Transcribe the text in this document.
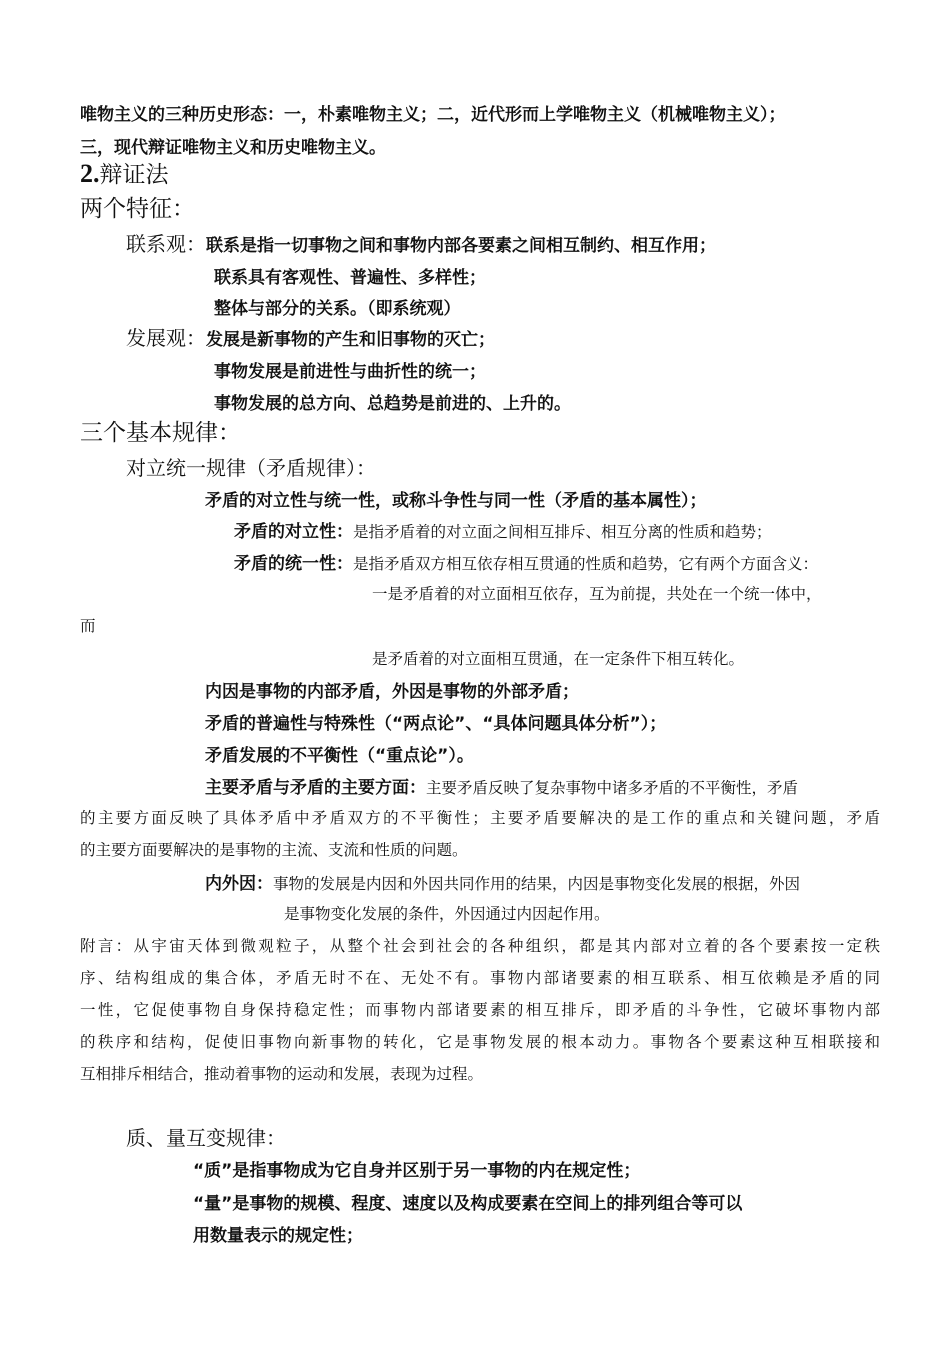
唯物主义的三种历史形态：一，朴素唯物主义；二，近代形而上学唯物主义（机械唯物主义）；
三，现代辩证唯物主义和历史唯物主义。
2.辩证法
两个特征：
联系观：联系是指一切事物之间和事物内部各要素之间相互制约、相互作用；
联系具有客观性、普遍性、多样性；
整体与部分的关系。（即系统观）
发展观：发展是新事物的产生和旧事物的灭亡；
事物发展是前进性与曲折性的统一；
事物发展的总方向、总趋势是前进的、上升的。
三个基本规律：
对立统一规律（矛盾规律）：
矛盾的对立性与统一性，或称斗争性与同一性（矛盾的基本属性）；
矛盾的对立性：是指矛盾着的对立面之间相互排斥、相互分离的性质和趋势；
矛盾的统一性：是指矛盾双方相互依存相互贯通的性质和趋势，它有两个方面含义：
一是矛盾着的对立面相互依存，互为前提，共处在一个统一体中，
而
是矛盾着的对立面相互贯通，在一定条件下相互转化。
内因是事物的内部矛盾，外因是事物的外部矛盾；
矛盾的普遍性与特殊性（“两点论”、“具体问题具体分析”）；
矛盾发展的不平衡性（“重点论”）。
主要矛盾与矛盾的主要方面：主要矛盾反映了复杂事物中诸多矛盾的不平衡性，矛盾
的主要方面反映了具体矛盾中矛盾双方的不平衡性；主要矛盾要解决的是工作的重点和关键问题，矛盾
的主要方面要解决的是事物的主流、支流和性质的问题。
内外因：事物的发展是内因和外因共同作用的结果，内因是事物变化发展的根据，外因
是事物变化发展的条件，外因通过内因起作用。
附言：从宇宙天体到微观粒子，从整个社会到社会的各种组织，都是其内部对立着的各个要素按一定秩
序、结构组成的集合体，矛盾无时不在、无处不有。事物内部诸要素的相互联系、相互依赖是矛盾的同
一性，它促使事物自身保持稳定性；而事物内部诸要素的相互排斥，即矛盾的斗争性，它破坏事物内部
的秩序和结构，促使旧事物向新事物的转化，它是事物发展的根本动力。事物各个要素这种互相联接和
互相排斥相结合，推动着事物的运动和发展，表现为过程。
质、量互变规律：
“质”是指事物成为它自身并区别于另一事物的内在规定性；
“量”是事物的规模、程度、速度以及构成要素在空间上的排列组合等可以
用数量表示的规定性；
